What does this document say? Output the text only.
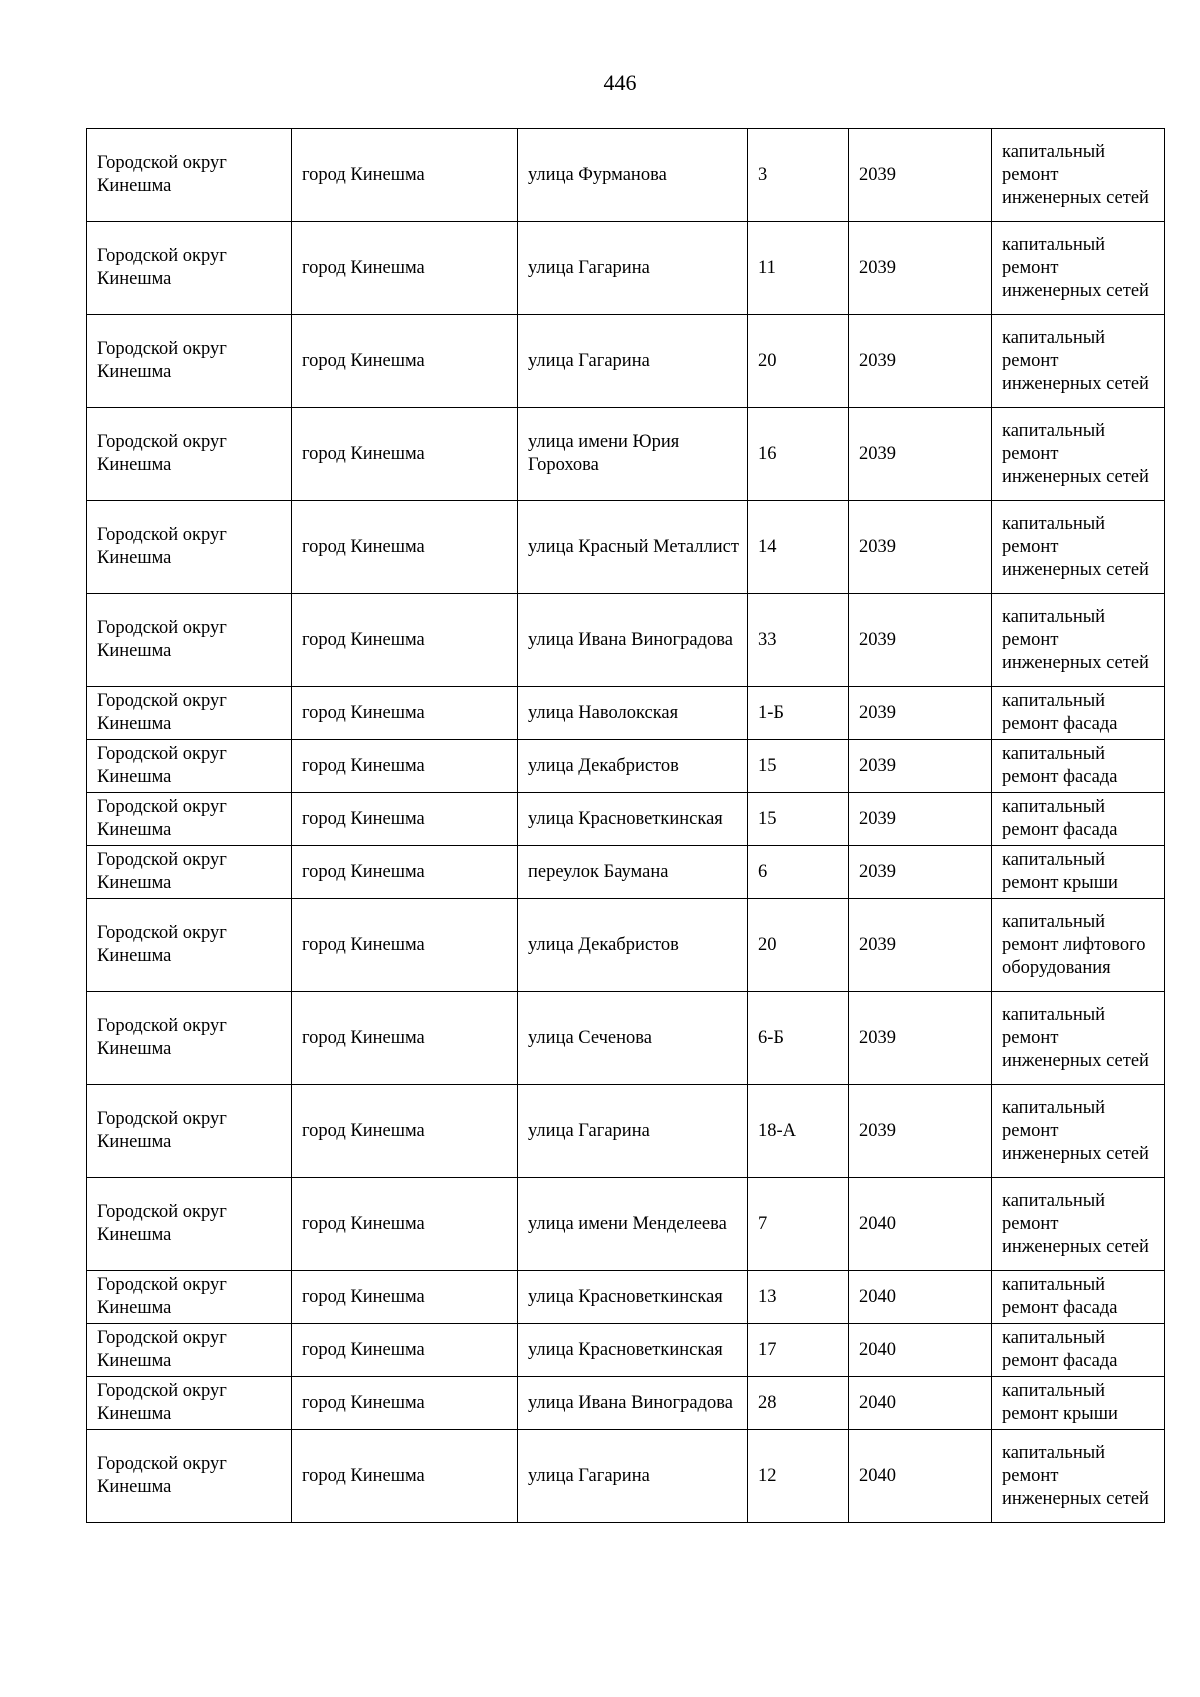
446
Городской округ Кинешма	город Кинешма	улица Фурманова	3	2039	капитальный ремонт инженерных сетей
Городской округ Кинешма	город Кинешма	улица Гагарина	11	2039	капитальный ремонт инженерных сетей
Городской округ Кинешма	город Кинешма	улица Гагарина	20	2039	капитальный ремонт инженерных сетей
Городской округ Кинешма	город Кинешма	улица имени Юрия Горохова	16	2039	капитальный ремонт инженерных сетей
Городской округ Кинешма	город Кинешма	улица Красный Металлист	14	2039	капитальный ремонт инженерных сетей
Городской округ Кинешма	город Кинешма	улица Ивана Виноградова	33	2039	капитальный ремонт инженерных сетей
Городской округ Кинешма	город Кинешма	улица Наволокская	1-Б	2039	капитальный ремонт фасада
Городской округ Кинешма	город Кинешма	улица Декабристов	15	2039	капитальный ремонт фасада
Городской округ Кинешма	город Кинешма	улица Красноветкинская	15	2039	капитальный ремонт фасада
Городской округ Кинешма	город Кинешма	переулок Баумана	6	2039	капитальный ремонт крыши
Городской округ Кинешма	город Кинешма	улица Декабристов	20	2039	капитальный ремонт лифтового оборудования
Городской округ Кинешма	город Кинешма	улица Сеченова	6-Б	2039	капитальный ремонт инженерных сетей
Городской округ Кинешма	город Кинешма	улица Гагарина	18-А	2039	капитальный ремонт инженерных сетей
Городской округ Кинешма	город Кинешма	улица имени Менделеева	7	2040	капитальный ремонт инженерных сетей
Городской округ Кинешма	город Кинешма	улица Красноветкинская	13	2040	капитальный ремонт фасада
Городской округ Кинешма	город Кинешма	улица Красноветкинская	17	2040	капитальный ремонт фасада
Городской округ Кинешма	город Кинешма	улица Ивана Виноградова	28	2040	капитальный ремонт крыши
Городской округ Кинешма	город Кинешма	улица Гагарина	12	2040	капитальный ремонт инженерных сетей
